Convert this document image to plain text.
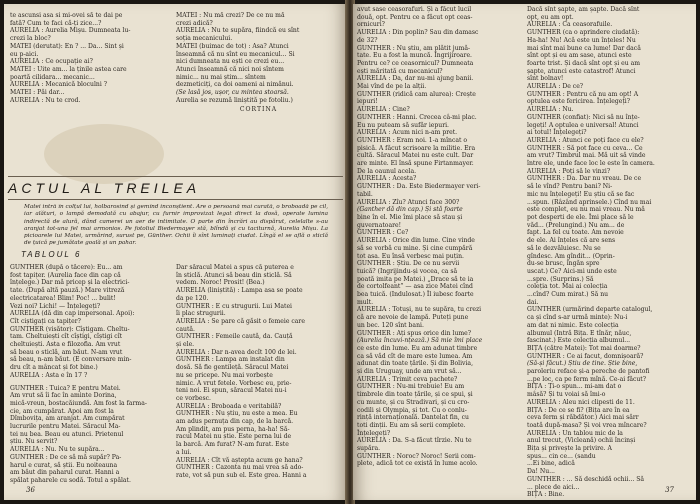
te ascunsi asa si mi-ovei să te dai pe

fată? Cum te faci că-ți zice...?

AURELIA : Aurelia Mișu. Dumneata lu-

crezi la bloc?

MATEI (derutat): En ? ... Da... Sint și

eu p-aici.

AURELIA : Ce ocupație ai?

MATEI : Uite am... la ținile astea care

poartă cilidara... mecanic...

AURELIA : Mecanică bloculni ?

MATEI : Păi dar...

AURELIA : Nu te crod.

MATEI : Nu mă crezi? De ce nu mă

crezi adică?

AURELIA : Nu te supăra, fiindcă eu sînt

soția mecanicului.

MATEI (buimac de tot) : Asa? Atunci

înseamnă că nu sînt eu mecanicul... Si

nici dumneata nu ești ce crezi eu...

Atunci înseamnă că nici noi sîntem

nimic... nu mai știm... sîntem

dezmeticiți, ca doi oameni ai nimănui.

(Se lasă jos, ușor, cu mintea stoarsă.

Aurelia se rezumă liniștită pe fotoliu.)

CORTINA

ACTUL AL TREILEA
Matei intră în colțul lui, holbarosind și gemînd inconștient. Are o persoană mai curată, o broboadă pe cil, iar alături, o lampă demodată cu abajur, cu furnir improvizat legat direct la dosă, operate lumina indirectă de alură, dând camerei un aer de intimitate. O parte din încrări au dispărut, celelalte s-au aranjat tot-una fel mai armonios. Pe fotoliul Biedermayer stă, blîndă și cu taciturnă, Aurelia Mișu. La picioarele lui Matei, urmărind, surust pe, Günther. Ochii îi sînt luminați ciudat. Lîngă el se află o sticlă de țuică pe jumătate goală și un pahar.
TABLOUL 6

GUNTHER (după o tăcere): Eu... am

fost tapițer. (Aurelia face din cap că

înțelege.) Dar mă pricep și la electrici-

tate. (După altă pauză.) Mare vitreză

electricatarea! Blim! Poc! ... bulit!

Vezi noi? Lichi! — Înțelegeți?

AURELIA (dă din cap impersonal. Apoi):

Cît ciștigați ca tapițer?

GUNTHER (visător): Cîștigam. Cheltu-

tam. Cheltuiești cît cîștigi, cîștigi cît

cheltuiești. Asta e filozofia. Am vrut

să beau o sticlă, am băut. N-am vrut

să beau, n-am băut. (E conversare min-

dru cît a mâncat și fot bine.)

AURELIA : Asta e în 17 ?

GUNTHER : Tuica? E pentru Matei.

Am vrut să îi fac în aminte Dorina,

mică-vreun, bostacăiundă. Am fost la farma-

cie, am cumpărat. Apoi am fost la

Dîmbovița, am aranjat. Am cumpărat

lucrurile pentru Matei. Săracul Ma-

tei nu bea. Beau eu atunci. Prietenul

știu. Nu servit?

AURELIA : Nu. Nu te supăra...

GUNTHER : De ce să mă supăr? Pa-

harul e curat, să știi. Eu noiteauna

am băut din paharul curat. Hanni a

spălat paharele cu sodă. Totul a spălat.

Dar săracul Matei a spus că puterea e

în sticlă. Atunci să beau din sticlă. Să

vedem. Noroc! Prosit! (Bea.)

AURELIA (liniștită) : Lampa asa se poate

da pe 120.

GUNTHER : E cu strugurii. Lui Matei

îi plac strugurii.

AURELIA : Se pare că găsit o femeie care

caută.

GUNTHER : Femeile caută, da. Cauță

și ele.

AURELIA : Dar n-avea decît 100 de lei.

GUNTHER : Lampa am instalat din

dosă. Să fie gentileță. Săracul Matei

nu se pricepe. Nu mai vorbește

nimic. A vrut fetele. Vorbesc eu, prie-

teni noi. Ei spun, săracul Matei nu-i

ce vorbesc.

AURELIA : Broboada e veritabilă?

GUNTHER : Nu știu, nu este a mea. Eu

am adus pernuța din cap, de la barcă.

Am plindit, am pus perna, ha-ha! Să-

racul Matei nu știe. Este perna lui de

la barcă. Am furat? N-am furat. Este

a lui.

AURELIA : Cît vă aștepta acum ge hana?

GUNTHER : Cazonta nu mai vrea să ado-

rate, vot să pun sub el. Este grea. Hanni a

36

avut sase ceasorafuri. Și a făcut lucil

două, opt. Pentru ce a făcut opt ceas-

ornicuri?

AURELIA : Din poplin? Sau din damasc

de 32?

GUNTHER : Nu știu, am plătit jumă-

tate. Eu a fost la muncă. Îngrijiroare.

Pentru ce? ce ceasornicul? Dumneata

ești măritată cu mecanicul?

AURELIA : Da, dar nu-mi ajung banii.

Mai vînd de pe la alții.

GUNTHER (ridică cam alurea): Crește

iepuri!

AURELIA : Cine?

GUNTHER : Hanni. Crecea câ-mi plac.

Eu nu puteam să sufăr iepuri.

AURELIA : Acum nici n-am pret.

GUNTHER : Eram noi. 1-a mîncat o

pisică. A făcut scrisoare la militie. Era

cultă. Săracul Matei nu este cult. Dar

are minte. El însă spune Firtanmayer.

De la oaunul acela.

AURELIA : Acesta?

GUNTHER : Da. Este Biedermayer veri-

tabil.

AURELIA : Zîu? Atunci face 300?

(Ganther dă din cap.) Și stă foarte

bine în el. Mie îmi place să stau și

guvernatoare!

GUNTHER : Ce?

AURELIA : Orice din lume. Cine vinde

să se vorbă cu mine. Și cine cumpără

tot asa. Eu însă verbesc mai puțin.

GUNTHER : Știu. De ce nu servii

tuică? (Ingrijindu-și vocea, ca să

poată imita pe Matei.) „Drace să te ia

de cortolfeant” — asa zice Matei cînd

bea tuică. (Indulosat.) Îl iubesc foarte

mult.

AURELIA : Totuși, nu te supăra, tu crezi

că are nevoie de lampă. Puteți pune

un bec. 120 sînt bani.

GUNTHER : Ați spus orice din lume?

(Aurelia încuvi-nțează.) Să mie îmi place

ce este din lume. Eu am adunat timbre

ca să văd cît de mare este lumea. Am

adunat din toate țările. Și din Bolivia,

și din Uruguay, unde am vrut să...

AURELIA : Trimit ceva pachete?

GUNTHER : Nu-mi trebuie! Eu am

timbrele din toate țările, și ce spui, și

cu munte, și cu Stradivari, și cu cro-

codili și Olympia, și tot. Cu o conlu-

rință internațională. Dantelat fin, cu

toti dinții. Eu am să serii complete.

Înțelegeți?

AURELIA : Da. S-a făcut tîrzie. Nu te

supăra.

GUNTHER : Noroc? Noroc! Serii com-

plete, adică tot ce există în lume acolo.

Dacă sînt șapte, am șapte. Dacă sînt

opt, eu am opt.

AURELIA : Ca ceasorafuile.

GUNTHER (ca o aprindere ciudată):

Ha-ha! Nu! Acă este un înțeles! Nu

mai sînt mai bune ca lume! Dar dacă

sînt opt și eu am sase, atunci este

foarte trist. Și dacă sînt opt și eu am

șapte, atunci este catastrof! Atunci

sînt bolnav!

AURELIA : De ce?

GUNTHER : Pentru că nu am opt! A

optulea este fericirea. Înțelegeți?

AURELIA : Nu.

GUNTHER (confiat): Nici să nu înțe-

legeți! A optulea e universal! Atunci

ai totul! Înțelegeți?

AURELIA : Atunci ce poți face cu ele?

GUNTHER : Să pot face cu ceva... Ce

am vrut? Timbrul mai. Mă uit să vinde

între ele, unde face loc le este în camera.

AURELIA : Poți să le vinzi?

GUNTHER : Da. Dar nu vreau. De ce

să le vînd? Pentru bani? Ni-

mic nu înțelegeți! Eu știu că se fac

...spun. (Râzând aprinsele.) Cînd nu mai

este complet, eu nu mai vreau. Nu mă

pot desperti de ele. Îmi place să le

văd... (Prelungind.) Nu am... de

fapt. La fel cu toate. Am nevoie

de ele. Ai înțeles că are sens

să le dezvăluiesc. Nu se

gîndesc. Am gîndit... (Oprin-

du-se brusc, îngăn spre

uscat.) Ce? Aici-mi unde este

...spre. (Surprins.) Să

coleția tot. Mai ai colecția

...cînd? Cum mirat.) Să nu

dai.

GUNTHER (urmărind departe catalogul,

ca și cînd s-ar urmă minte): Nu-i

am dat ni nimic. Este colecția

albumul (Intră Bița. E tînăr, năuc,

fascinat.) Este colecția albumul...

BIȚA (către Matei): Tot mai doarme?

GUNTHER : Ce ai facut, domnișoară?

(Să-și făcut.) Știu de tine. Știe bine,

paroleriu reface și-a pereche de pantofi

...pe loc, ca pe ferm mînă. Ce-ai făcut?

BIȚA : Ți-o spun... mi-am dat o

mâsă? Și tu voiai să îmi-o

AURELIA : Aleu nici clipesti de 11.

BIȚA : De ce se fi? (Bița are în ea

ceva ferm și răbdător.) Aici mai sărr

toată după-masa? Și voi vrea mîncare?

AURELIA : Un tablou mic de la

anul trecut, (Vicleană) ochii încinși

Bița și privește la privire. A

spus... cin ce... (sandu

...Ei bine, adică

Da! Nu...

GUNTHER : ... Să deschidă ochii... Să

... plece de aici...

BIȚA : Bine.

37
